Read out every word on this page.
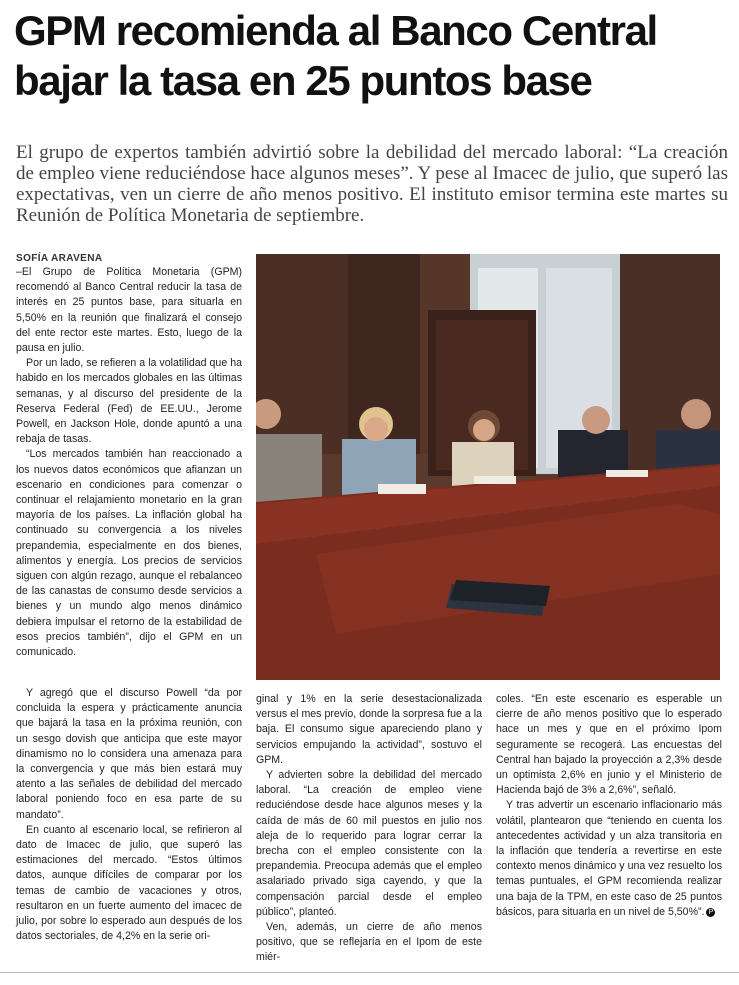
GPM recomienda al Banco Central bajar la tasa en 25 puntos base

El grupo de expertos también advirtió sobre la debilidad del mercado laboral: “La creación de empleo viene reduciéndose hace algunos meses”. Y pese al Imacec de julio, que superó las expectativas, ven un cierre de año menos positivo. El instituto emisor termina este martes su Reunión de Política Monetaria de septiembre.

SOFÍA ARAVENA

–El Grupo de Política Monetaria (GPM) recomendó al Banco Central reducir la tasa de interés en 25 puntos base, para situarla en 5,50% en la reunión que finalizará el consejo del ente rector este martes. Esto, luego de la pausa en julio.

Por un lado, se refieren a la volatilidad que ha habido en los mercados globales en las últimas semanas, y al discurso del presidente de la Reserva Federal (Fed) de EE.UU., Jerome Powell, en Jackson Hole, donde apuntó a una rebaja de tasas.

“Los mercados también han reaccionado a los nuevos datos económicos que afianzan un escenario en condiciones para comenzar o continuar el relajamiento monetario en la gran mayoría de los países. La inflación global ha continuado su convergencia a los niveles prepandemia, especialmente en dos bienes, alimentos y energía. Los precios de servicios siguen con algún rezago, aunque el rebalanceo de las canastas de consumo desde servicios a bienes y un mundo algo menos dinámico debiera impulsar el retorno de la estabilidad de esos precios también”, dijo el GPM en un comunicado.

Y agregó que el discurso Powell “da por concluida la espera y prácticamente anuncia que bajará la tasa en la próxima reunión, con un sesgo dovish que anticipa que este mayor dinamismo no lo considera una amenaza para la convergencia y que más bien estará muy atento a las señales de debilidad del mercado laboral poniendo foco en esa parte de su mandato”.

En cuanto al escenario local, se refirieron al dato de Imacec de julio, que superó las estimaciones del mercado. “Estos últimos datos, aunque difíciles de comparar por los temas de cambio de vacaciones y otros, resultaron en un fuerte aumento del imacec de julio, por sobre lo esperado aun después de los datos sectoriales, de 4,2% en la serie ori-

ginal y 1% en la serie desestacionalizada versus el mes previo, donde la sorpresa fue a la baja. El consumo sigue apareciendo plano y servicios empujando la actividad”, sostuvo el GPM.

Y advierten sobre la debilidad del mercado laboral. “La creación de empleo viene reduciéndose desde hace algunos meses y la caída de más de 60 mil puestos en julio nos aleja de lo requerido para lograr cerrar la brecha con el empleo consistente con la prepandemia. Preocupa además que el empleo asalariado privado siga cayendo, y que la compensación parcial desde el empleo público”, planteó.

Ven, además, un cierre de año menos positivo, que se reflejaría en el Ipom de este miér-

coles. “En este escenario es esperable un cierre de año menos positivo que lo esperado hace un mes y que en el próximo Ipom seguramente se recogerá. Las encuestas del Central han bajado la proyección a 2,3% desde un optimista 2,6% en junio y el Ministerio de Hacienda bajó de 3% a 2,6%”, señaló.

Y tras advertir un escenario inflacionario más volátil, plantearon que “teniendo en cuenta los antecedentes actividad y un alza transitoria en la inflación que tendería a revertirse en este contexto menos dinámico y una vez resuelto los temas puntuales, el GPM recomienda realizar una baja de la TPM, en este caso de 25 puntos básicos, para situarla en un nivel de 5,50%”. P
